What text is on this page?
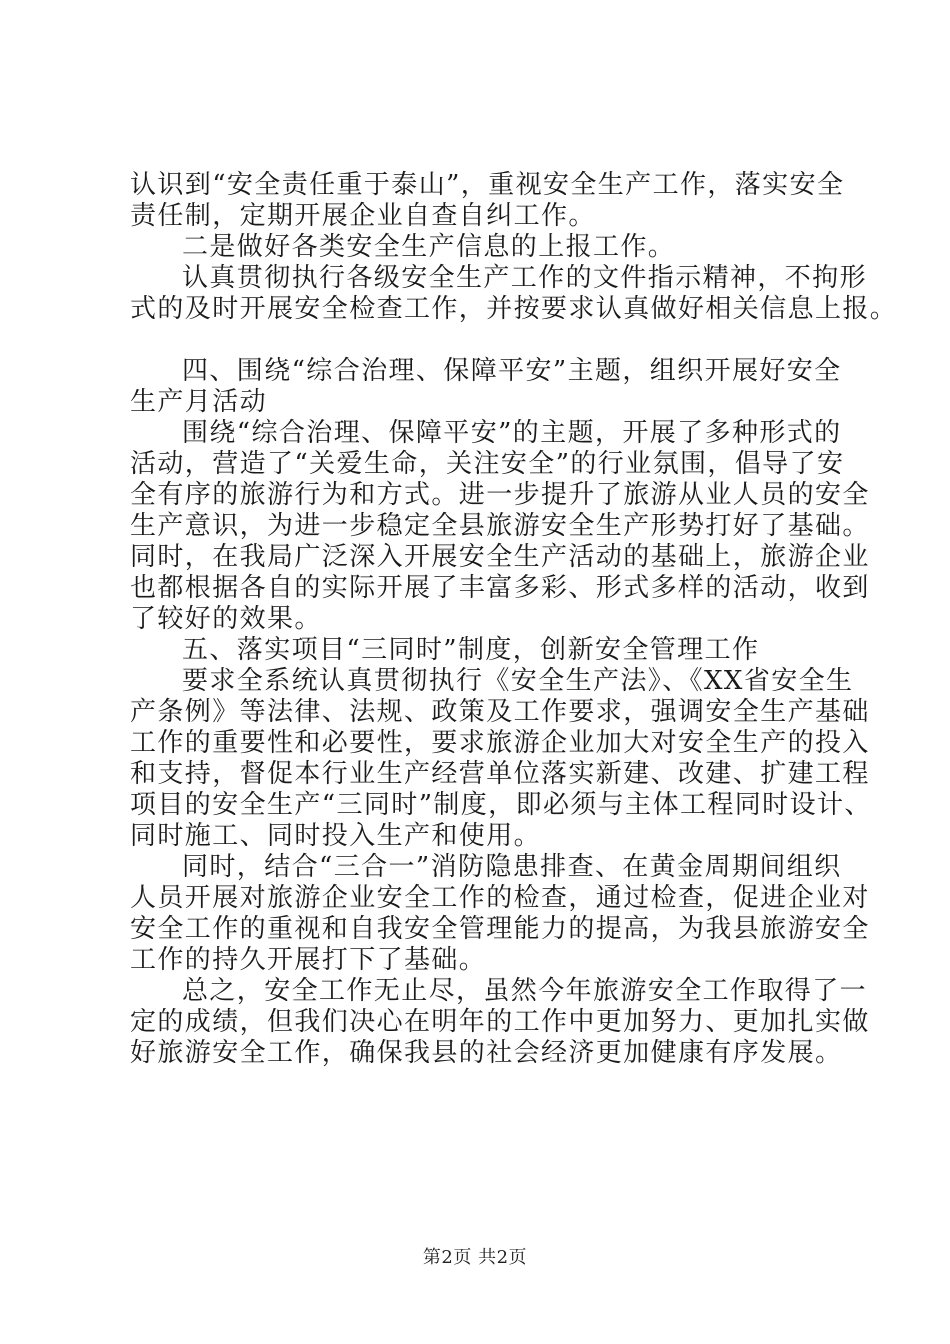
认识到“安全责任重于泰山”，重视安全生产工作，落实安全
责任制，定期开展企业自查自纠工作。
二是做好各类安全生产信息的上报工作。
认真贯彻执行各级安全生产工作的文件指示精神，不拘形
式的及时开展安全检查工作，并按要求认真做好相关信息上报。
四、围绕“综合治理、保障平安”主题，组织开展好安全
生产月活动
围绕“综合治理、保障平安”的主题，开展了多种形式的
活动，营造了“关爱生命，关注安全”的行业氛围，倡导了安
全有序的旅游行为和方式。进一步提升了旅游从业人员的安全
生产意识，为进一步稳定全县旅游安全生产形势打好了基础。
同时，在我局广泛深入开展安全生产活动的基础上，旅游企业
也都根据各自的实际开展了丰富多彩、形式多样的活动，收到
了较好的效果。
五、落实项目“三同时”制度，创新安全管理工作
要求全系统认真贯彻执行《安全生产法》、《XX省安全生
产条例》等法律、法规、政策及工作要求，强调安全生产基础
工作的重要性和必要性，要求旅游企业加大对安全生产的投入
和支持，督促本行业生产经营单位落实新建、改建、扩建工程
项目的安全生产“三同时”制度，即必须与主体工程同时设计、
同时施工、同时投入生产和使用。
同时，结合“三合一”消防隐患排查、在黄金周期间组织
人员开展对旅游企业安全工作的检查，通过检查，促进企业对
安全工作的重视和自我安全管理能力的提高，为我县旅游安全
工作的持久开展打下了基础。
总之，安全工作无止尽，虽然今年旅游安全工作取得了一
定的成绩，但我们决心在明年的工作中更加努力、更加扎实做
好旅游安全工作，确保我县的社会经济更加健康有序发展。
第2页 共2页
